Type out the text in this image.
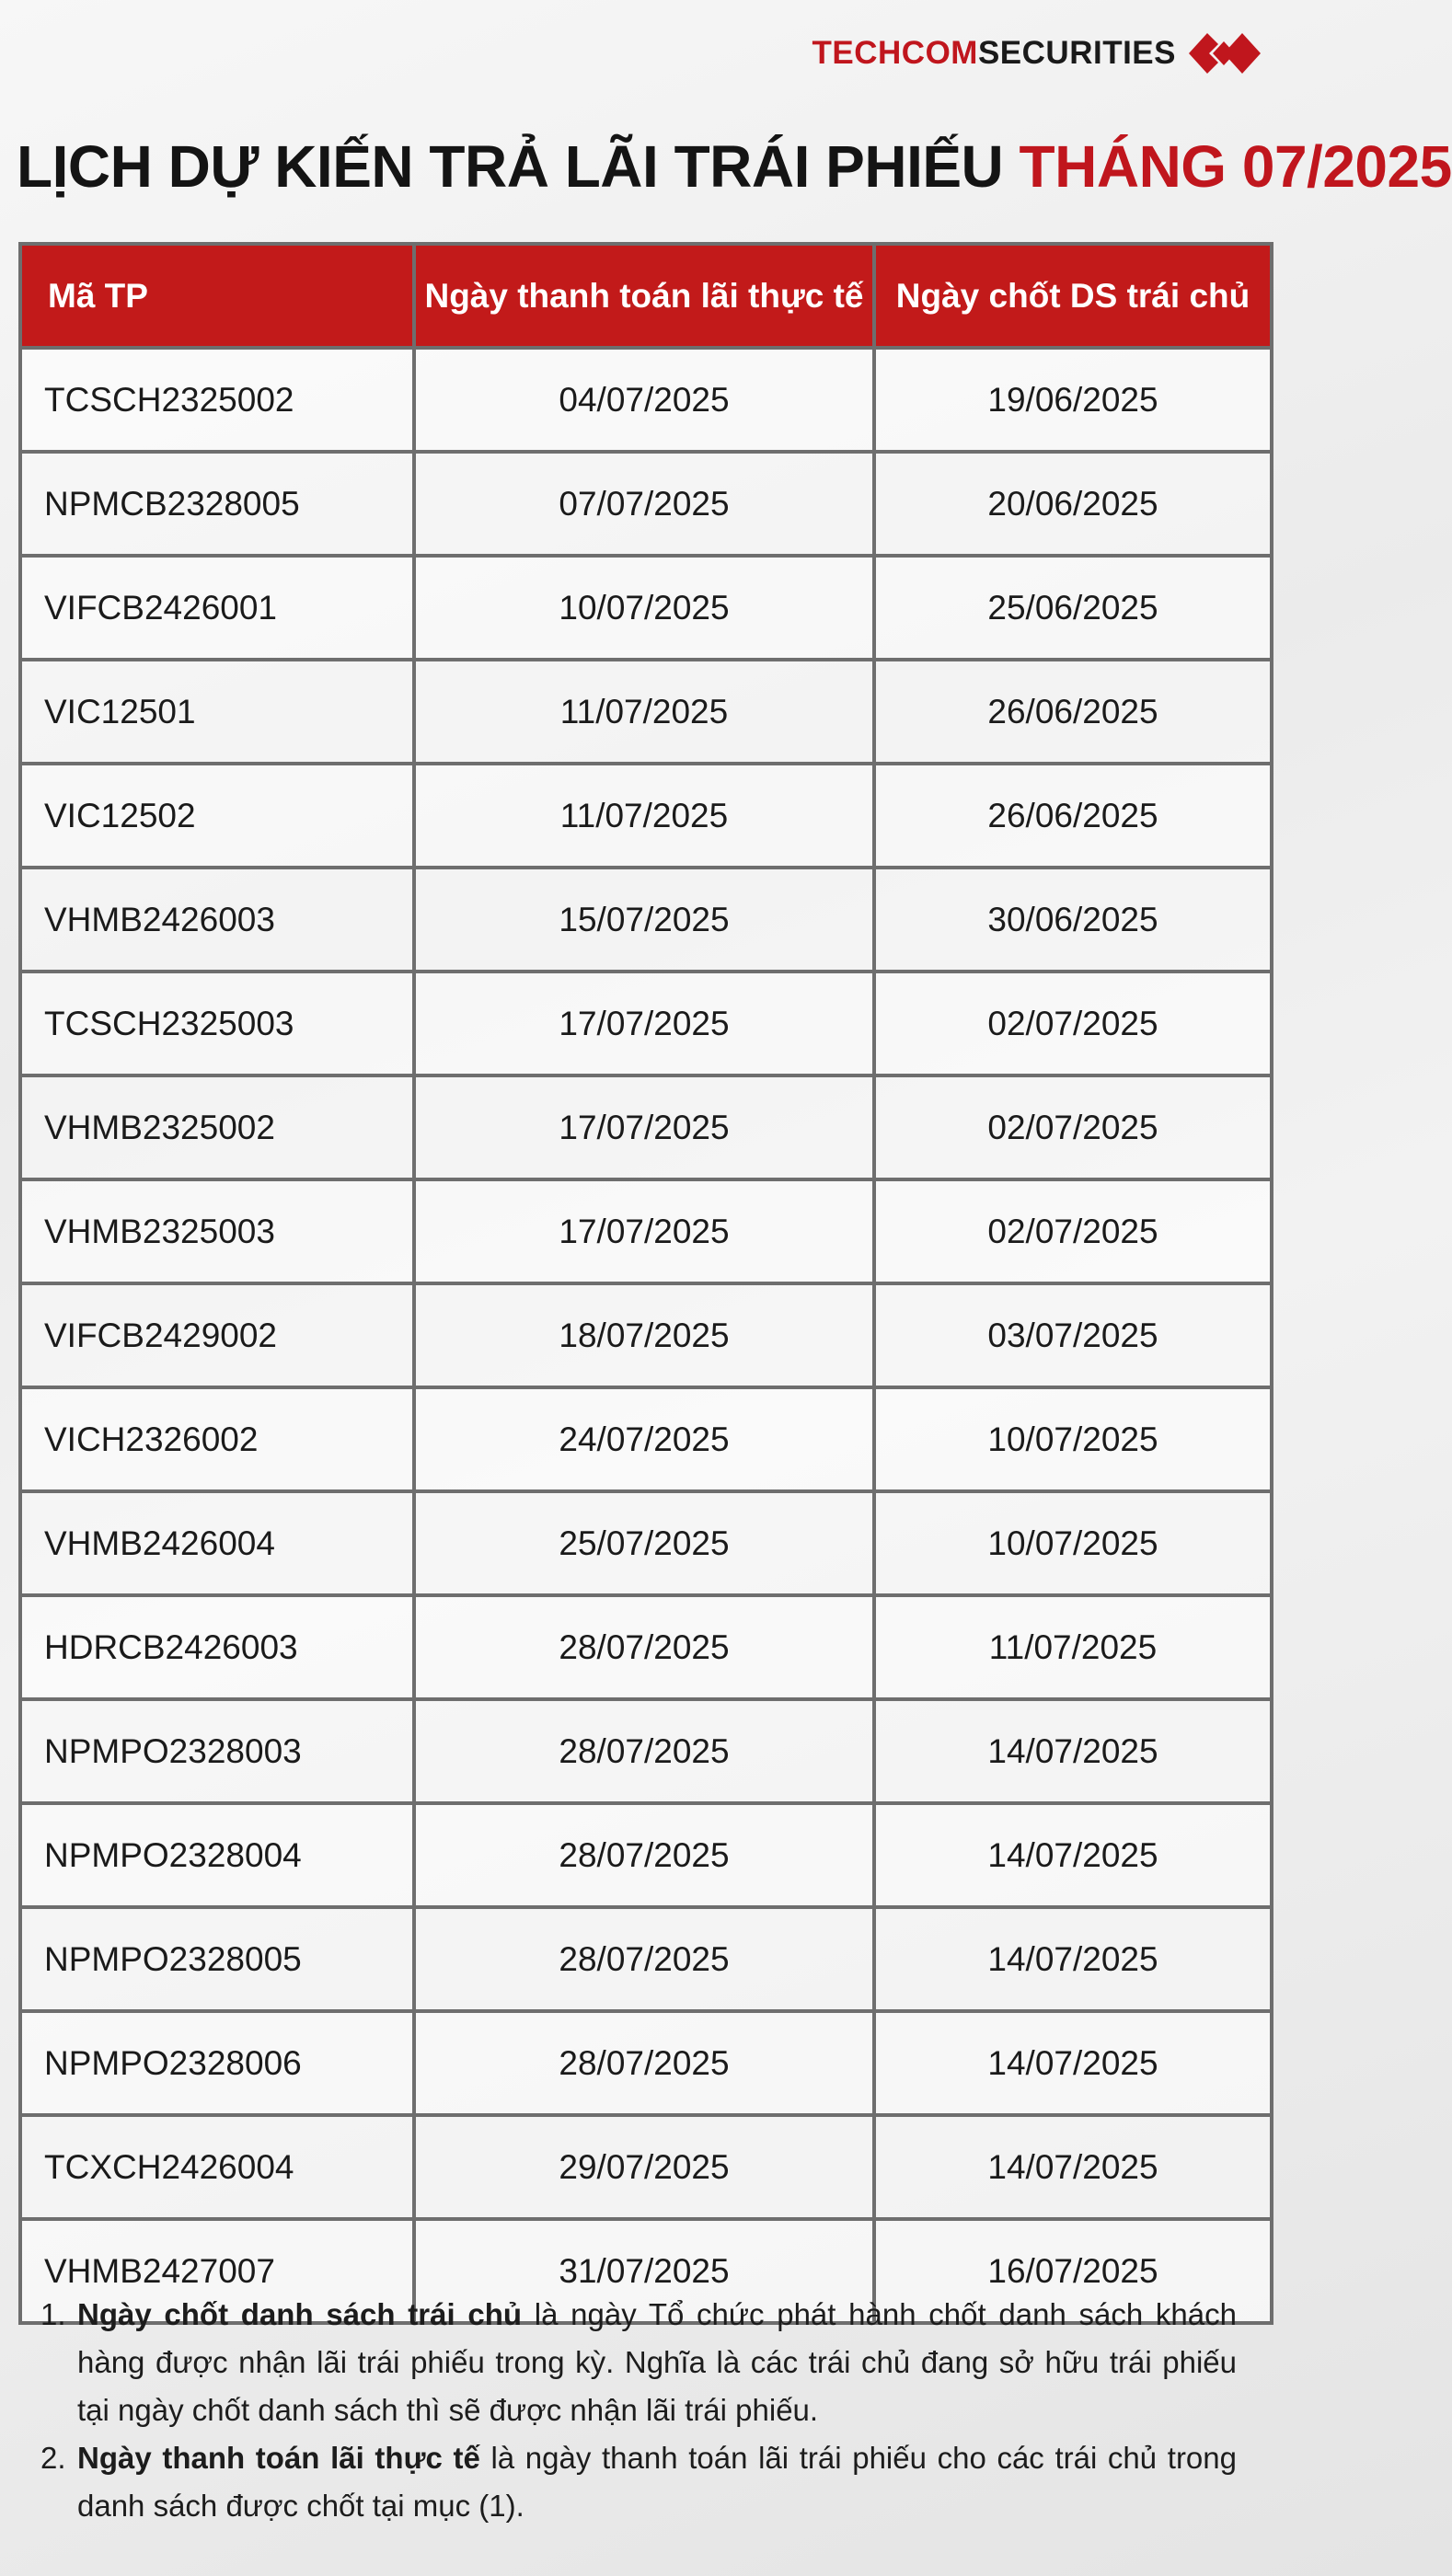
TECHCOMSECURITIES
LỊCH DỰ KIẾN TRẢ LÃI TRÁI PHIẾU THÁNG 07/2025
Mã TP	Ngày thanh toán lãi thực tế	Ngày chốt DS trái chủ
TCSCH2325002	04/07/2025	19/06/2025
NPMCB2328005	07/07/2025	20/06/2025
VIFCB2426001	10/07/2025	25/06/2025
VIC12501	11/07/2025	26/06/2025
VIC12502	11/07/2025	26/06/2025
VHMB2426003	15/07/2025	30/06/2025
TCSCH2325003	17/07/2025	02/07/2025
VHMB2325002	17/07/2025	02/07/2025
VHMB2325003	17/07/2025	02/07/2025
VIFCB2429002	18/07/2025	03/07/2025
VICH2326002	24/07/2025	10/07/2025
VHMB2426004	25/07/2025	10/07/2025
HDRCB2426003	28/07/2025	11/07/2025
NPMPO2328003	28/07/2025	14/07/2025
NPMPO2328004	28/07/2025	14/07/2025
NPMPO2328005	28/07/2025	14/07/2025
NPMPO2328006	28/07/2025	14/07/2025
TCXCH2426004	29/07/2025	14/07/2025
VHMB2427007	31/07/2025	16/07/2025
1. Ngày chốt danh sách trái chủ là ngày Tổ chức phát hành chốt danh sách khách hàng được nhận lãi trái phiếu trong kỳ. Nghĩa là các trái chủ đang sở hữu trái phiếu tại ngày chốt danh sách thì sẽ được nhận lãi trái phiếu.
2. Ngày thanh toán lãi thực tế là ngày thanh toán lãi trái phiếu cho các trái chủ trong danh sách được chốt tại mục (1).
